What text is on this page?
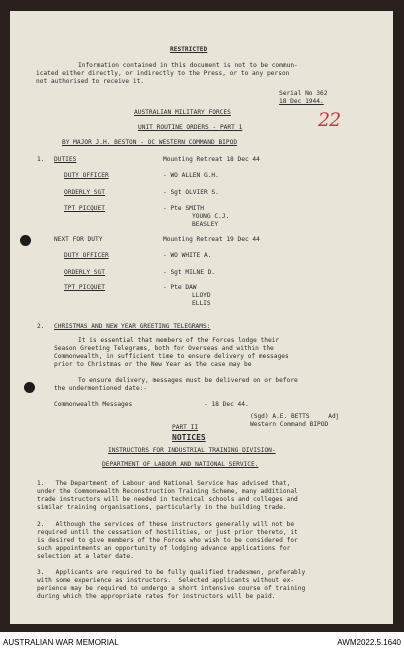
RESTRICTED
Information contained in this document is not to be commun-
icated either directly, or indirectly to the Press, or to any person
not authorised to receive it.
Serial No 362
18 Dec 1944.
22
AUSTRALIAN MILITARY FORCES
UNIT ROUTINE ORDERS - PART 1
BY MAJOR J.H. BESTON - OC WESTERN COMMAND BIPOD
1. DUTIES	Mounting Retreat 18 Dec 44
DUTY OFFICER	- WO ALLEN G.H.
ORDERLY SGT	- Sgt OLVIER S.
TPT PICQUET	- Pte SMITH
YOUNG C.J.
BEASLEY
NEXT FOR DUTY	Mounting Retreat 19 Dec 44
DUTY OFFICER	- WO WHITE A.
ORDERLY SGT	- Sgt MILNE D.
TPT PICQUET	- Pte DAW
LLOYD
ELLIS
2. CHRISTMAS AND NEW YEAR GREETING TELEGRAMS:
It is essential that members of the Forces lodge their
Season Greeting Telegrams, both for Overseas and within the
Commonwealth, in sufficient time to ensure delivery of messages
prior to Christmas or the New Year as the case may be
To ensure delivery, messages must be delivered on or before
the undermentioned date:-
Commonwealth Messages	- 18 Dec 44.
(Sgd) A.E. BETTS     Adj
Western Command BIPOD
PART II
NOTICES
INSTRUCTORS FOR INDUSTRIAL TRAINING DIVISION-
DEPARTMENT OF LABOUR AND NATIONAL SERVICE.
1.   The Department of Labour and National Service has advised that,
under the Commonwealth Reconstruction Training Scheme, many additional
trade instructors will be needed in technical schools and colleges and
similar training organisations, particularly in the building trade.
2.   Although the services of these instructors generally will not be
required until the cessation of hostilities, or just prior thereto, it
is desired to give members of the Forces who wish to be considered for
such appointments an opportunity of lodging advance applications for
selection at a later date.
3.   Applicants are required to be fully qualified tradesmen, preferably
with some experience as instructors.  Selected applicants without ex-
perience may be required to undergo a short intensive course of training
during which the appropriate rates for instructors will be paid.
AUSTRALIAN WAR MEMORIAL	AWM2022.5.1640
